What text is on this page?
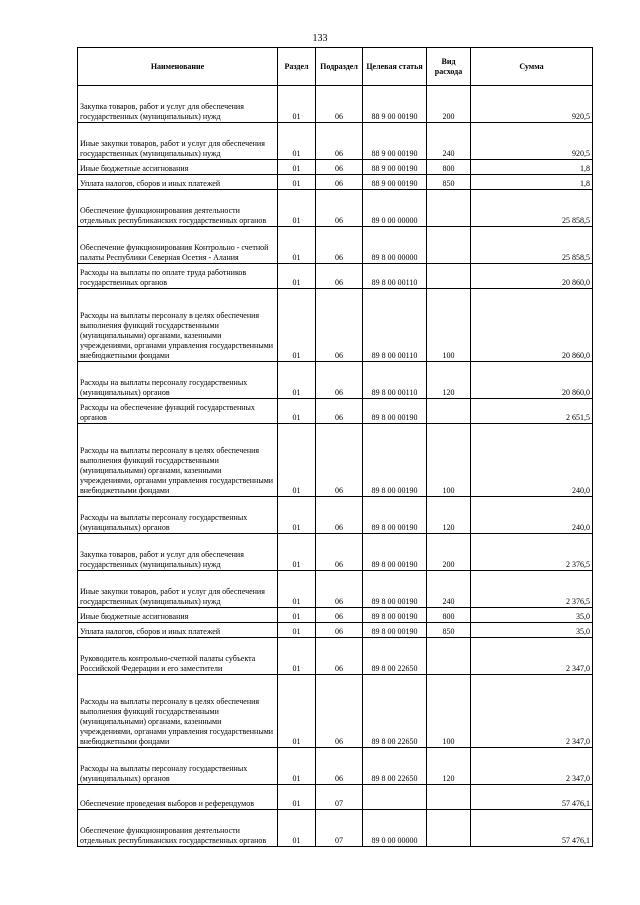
133
Наименование	Раздел	Подраздел	Целевая статья	Вид расхода	Сумма
Закупка товаров, работ и услуг для обеспечения государственных (муниципальных) нужд	01	06	88 9 00 00190	200	920,5
Иные закупки товаров, работ и услуг для обеспечения государственных (муниципальных) нужд	01	06	88 9 00 00190	240	920,5
Иные бюджетные ассигнования	01	06	88 9 00 00190	800	1,8
Уплата налогов, сборов и иных платежей	01	06	88 9 00 00190	850	1,8
Обеспечение функционирования деятельности отдельных республиканских государственных органов	01	06	89 0 00 00000		25 858,5
Обеспечение функционирования Контрольно - счетной палаты Республики Северная Осетия - Алания	01	06	89 8 00 00000		25 858,5
Расходы на выплаты по оплате труда работников государственных органов	01	06	89 8 00 00110		20 860,0
Расходы на выплаты персоналу в целях обеспечения выполнения функций государственными (муниципальными) органами, казенными учреждениями, органами управления государственными внебюджетными фондами	01	06	89 8 00 00110	100	20 860,0
Расходы на выплаты персоналу государственных (муниципальных) органов	01	06	89 8 00 00110	120	20 860,0
Расходы на обеспечение функций государственных органов	01	06	89 8 00 00190		2 651,5
Расходы на выплаты персоналу в целях обеспечения выполнения функций государственными (муниципальными) органами, казенными учреждениями, органами управления государственными внебюджетными фондами	01	06	89 8 00 00190	100	240,0
Расходы на выплаты персоналу государственных (муниципальных) органов	01	06	89 8 00 00190	120	240,0
Закупка товаров, работ и услуг для обеспечения государственных (муниципальных) нужд	01	06	89 8 00 00190	200	2 376,5
Иные закупки товаров, работ и услуг для обеспечения государственных (муниципальных) нужд	01	06	89 8 00 00190	240	2 376,5
Иные бюджетные ассигнования	01	06	89 8 00 00190	800	35,0
Уплата налогов, сборов и иных платежей	01	06	89 8 00 00190	850	35,0
Руководитель контрольно-счетной палаты субъекта Российской Федерации и его заместители	01	06	89 8 00 22650		2 347,0
Расходы на выплаты персоналу в целях обеспечения выполнения функций государственными (муниципальными) органами, казенными учреждениями, органами управления государственными внебюджетными фондами	01	06	89 8 00 22650	100	2 347,0
Расходы на выплаты персоналу государственных (муниципальных) органов	01	06	89 8 00 22650	120	2 347,0
Обеспечение проведения выборов и референдумов	01	07			57 476,1
Обеспечение функционирования деятельности отдельных республиканских государственных органов	01	07	89 0 00 00000		57 476,1
